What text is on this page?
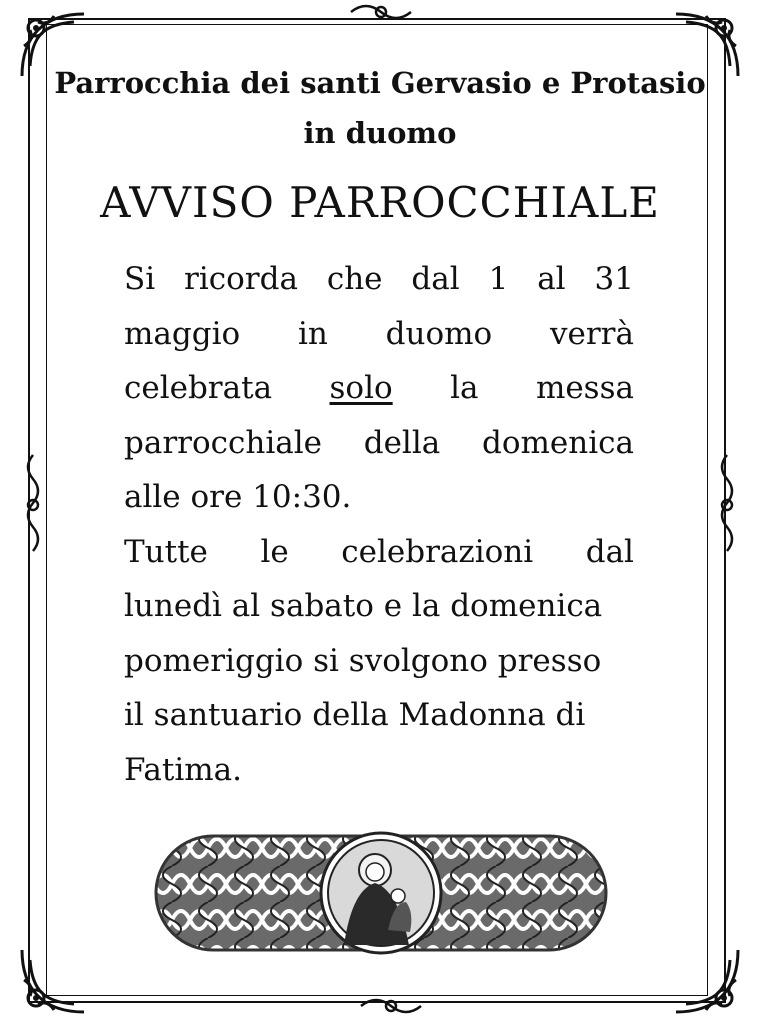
Parrocchia dei santi Gervasio e Protasio
in duomo
AVVISO PARROCCHIALE
Si ricorda che dal 1 al 31
maggio in duomo verrà
celebrata solo la messa
parrocchiale della domenica
alle ore 10:30.
Tutte le celebrazioni dal
lunedì al sabato e la domenica
pomeriggio si svolgono presso
il santuario della Madonna di
Fatima.
